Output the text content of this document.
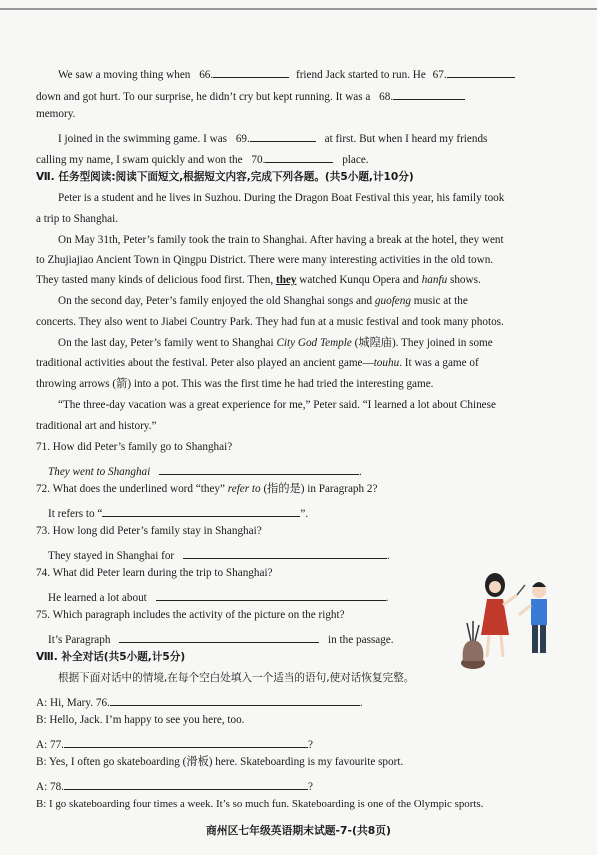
We saw a moving thing when 66.	friend Jack started to run. He 67.
down and got hurt. To our surprise, he didn’t cry but kept running. It was a 68.
memory.
I joined in the swimming game. I was 69.	at first. But when I heard my friends
calling my name, I swam quickly and won the 70.	place.
Ⅶ. 任务型阅读:阅读下面短文,根据短文内容,完成下列各题。(共5小题,计10分)
Peter is a student and he lives in Suzhou. During the Dragon Boat Festival this year, his family took
a trip to Shanghai.
On May 31th, Peter’s family took the train to Shanghai. After having a break at the hotel, they went
to Zhujiajiao Ancient Town in Qingpu District. There were many interesting activities in the old town.
They tasted many kinds of delicious food first. Then, they watched Kunqu Opera and hanfu shows.
On the second day, Peter’s family enjoyed the old Shanghai songs and guofeng music at the
concerts. They also went to Jiabei Country Park. They had fun at a music festival and took many photos.
On the last day, Peter’s family went to Shanghai City God Temple (城隍庙). They joined in some
traditional activities about the festival. Peter also played an ancient game—touhu. It was a game of
throwing arrows (箭) into a pot. This was the first time he had tried the interesting game.
“The three-day vacation was a great experience for me,” Peter said. “I learned a lot about Chinese
traditional art and history.”
71. How did Peter’s family go to Shanghai?
They went to Shanghai	.
72. What does the underlined word “they” refer to (指的是) in Paragraph 2?
It refers to “	”.
73. How long did Peter’s family stay in Shanghai?
They stayed in Shanghai for	.
74. What did Peter learn during the trip to Shanghai?
He learned a lot about	.
75. Which paragraph includes the activity of the picture on the right?
It’s Paragraph	in the passage.
Ⅷ. 补全对话(共5小题,计5分)
根据下面对话中的情境,在每个空白处填入一个适当的语句,使对话恢复完整。
A: Hi, Mary. 76.	.
B: Hello, Jack. I’m happy to see you here, too.
A: 77.	?
B: Yes, I often go skateboarding (滑板) here. Skateboarding is my favourite sport.
A: 78.	?
B: I go skateboarding four times a week. It’s so much fun. Skateboarding is one of the Olympic sports.
商州区七年级英语期末试题-7-(共8页)
